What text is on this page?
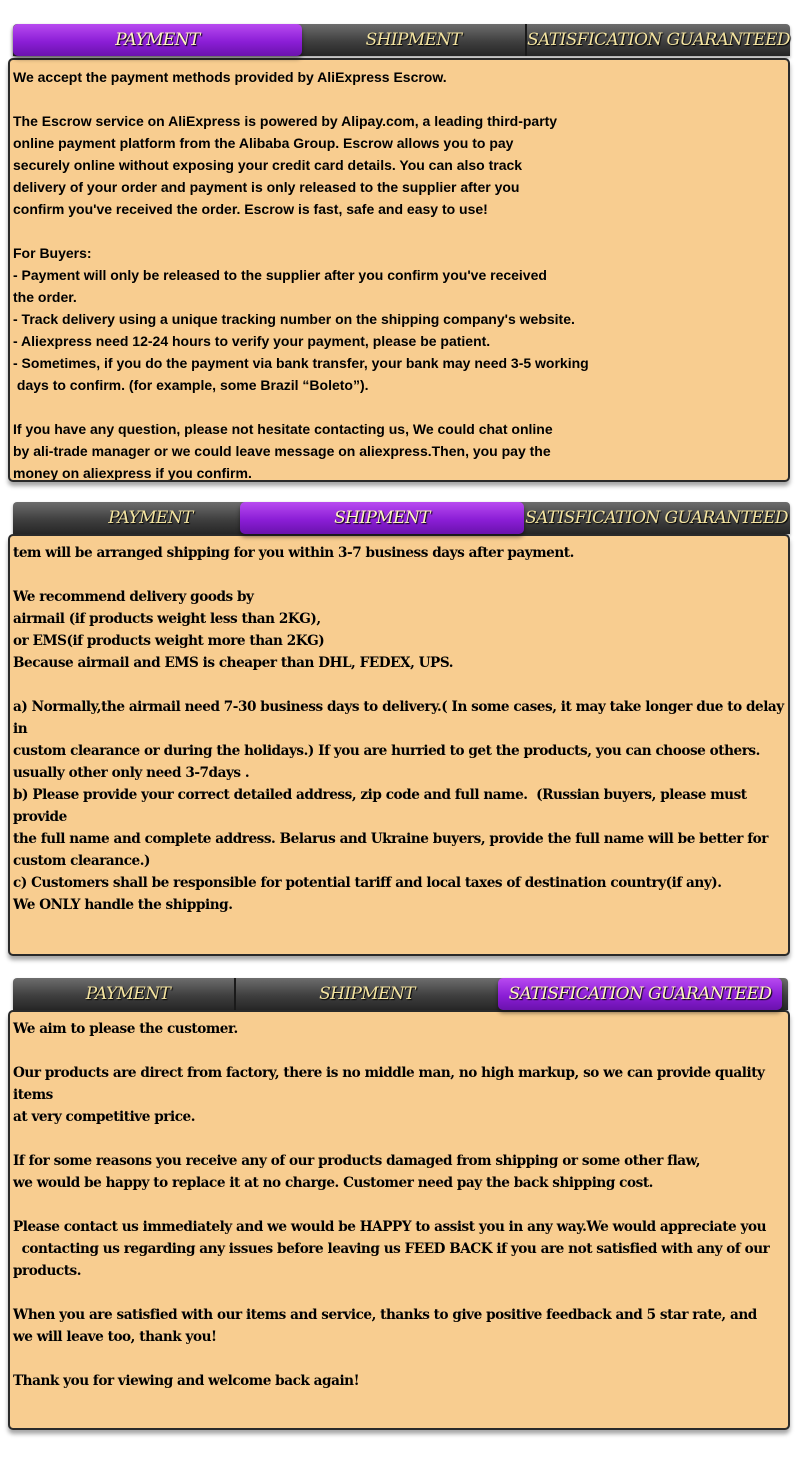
PAYMENT	SHIPMENT	SATISFICATION GUARANTEED

We accept the payment methods provided by AliExpress Escrow.

The Escrow service on AliExpress is powered by Alipay.com, a leading third-party

online payment platform from the Alibaba Group. Escrow allows you to pay

securely online without exposing your credit card details. You can also track

delivery of your order and payment is only released to the supplier after you

confirm you've received the order. Escrow is fast, safe and easy to use!

For Buyers:

- Payment will only be released to the supplier after you confirm you've received

the order.

- Track delivery using a unique tracking number on the shipping company's website.

- Aliexpress need 12-24 hours to verify your payment, please be patient.

- Sometimes, if you do the payment via bank transfer, your bank may need 3-5 working

days to confirm. (for example, some Brazil “Boleto”).

If you have any question, please not hesitate contacting us, We could chat online

by ali-trade manager or we could leave message on aliexpress.Then, you pay the

money on aliexpress if you confirm.

PAYMENT	SHIPMENT	SATISFICATION GUARANTEED

tem will be arranged shipping for you within 3-7 business days after payment.

We recommend delivery goods by

airmail (if products weight less than 2KG),

or EMS(if products weight more than 2KG)

Because airmail and EMS is cheaper than DHL, FEDEX, UPS.

a) Normally,the airmail need 7-30 business days to delivery.( In some cases, it may take longer due to delay in

custom clearance or during the holidays.) If you are hurried to get the products, you can choose others.

usually other only need 3-7days .

b) Please provide your correct detailed address, zip code and full name.  (Russian buyers, please must provide

the full name and complete address. Belarus and Ukraine buyers, provide the full name will be better for

custom clearance.)

c) Customers shall be responsible for potential tariff and local taxes of destination country(if any).

We ONLY handle the shipping.

PAYMENT	SHIPMENT	SATISFICATION GUARANTEED

We aim to please the customer.

Our products are direct from factory, there is no middle man, no high markup, so we can provide quality items

at very competitive price.

If for some reasons you receive any of our products damaged from shipping or some other flaw,

we would be happy to replace it at no charge. Customer need pay the back shipping cost.

Please contact us immediately and we would be HAPPY to assist you in any way.We would appreciate you

contacting us regarding any issues before leaving us FEED BACK if you are not satisfied with any of our

products.

When you are satisfied with our items and service, thanks to give positive feedback and 5 star rate, and

we will leave too, thank you!

Thank you for viewing and welcome back again!
